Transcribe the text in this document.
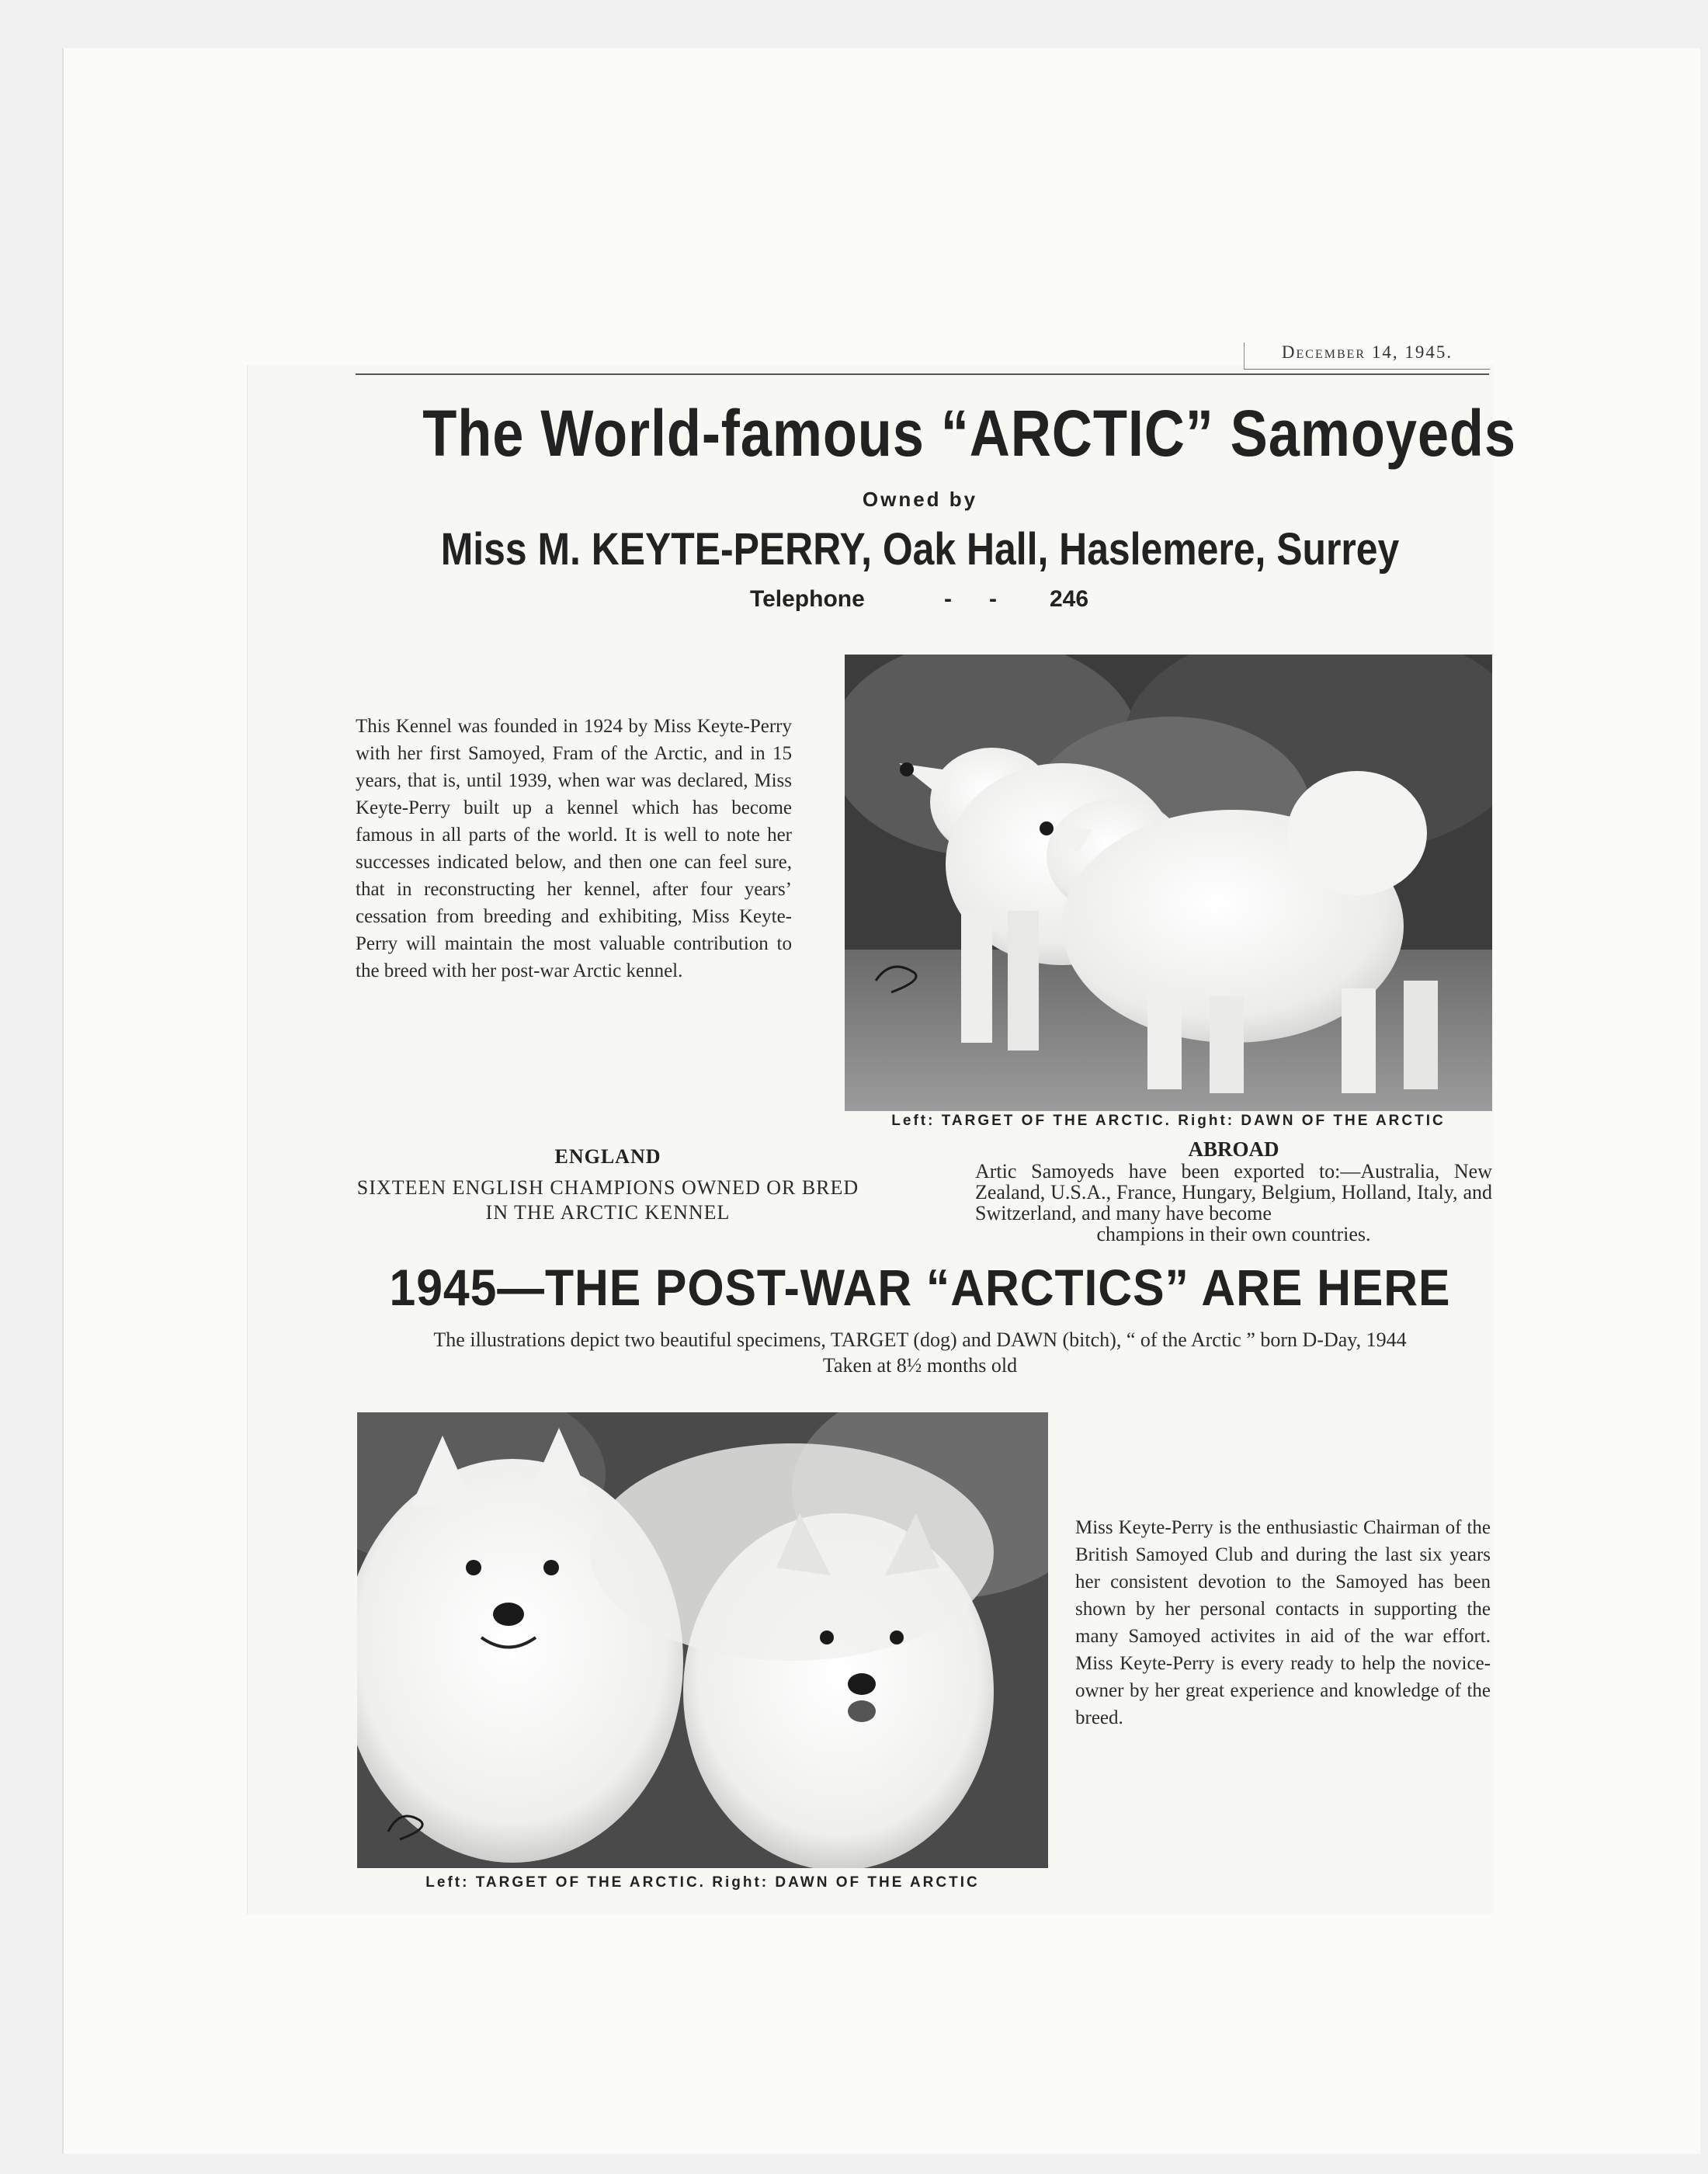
December 14, 1945.
The World-famous “ARCTIC” Samoyeds
Owned by
Miss M. KEYTE-PERRY, Oak Hall, Haslemere, Surrey
Telephone	- - 246
This Kennel was founded in 1924 by Miss Keyte-Perry with her first Samoyed, Fram of the Arctic, and in 15 years, that is, until 1939, when war was declared, Miss Keyte-Perry built up a kennel which has become famous in all parts of the world. It is well to note her successes indicated below, and then one can feel sure, that in reconstructing her kennel, after four years’ cessation from breeding and exhibiting, Miss Keyte-Perry will maintain the most valuable contribution to the breed with her post-war Arctic kennel.
Left: TARGET OF THE ARCTIC. Right: DAWN OF THE ARCTIC
ENGLAND
SIXTEEN ENGLISH CHAMPIONS OWNED OR BRED IN THE ARCTIC KENNEL
ABROAD
Artic Samoyeds have been exported to:—Australia, New Zealand, U.S.A., France, Hungary, Belgium, Holland, Italy, and Switzerland, and many have become
champions in their own countries.
1945—THE POST-WAR “ARCTICS” ARE HERE
The illustrations depict two beautiful specimens, TARGET (dog) and DAWN (bitch), “ of the Arctic ” born D-Day, 1944
Taken at 8½ months old
Left: TARGET OF THE ARCTIC. Right: DAWN OF THE ARCTIC
Miss Keyte-Perry is the enthusiastic Chairman of the British Samoyed Club and during the last six years her consistent devotion to the Samoyed has been shown by her personal contacts in supporting the many Samoyed activites in aid of the war effort. Miss Keyte-Perry is every ready to help the novice-owner by her great experience and knowledge of the breed.
